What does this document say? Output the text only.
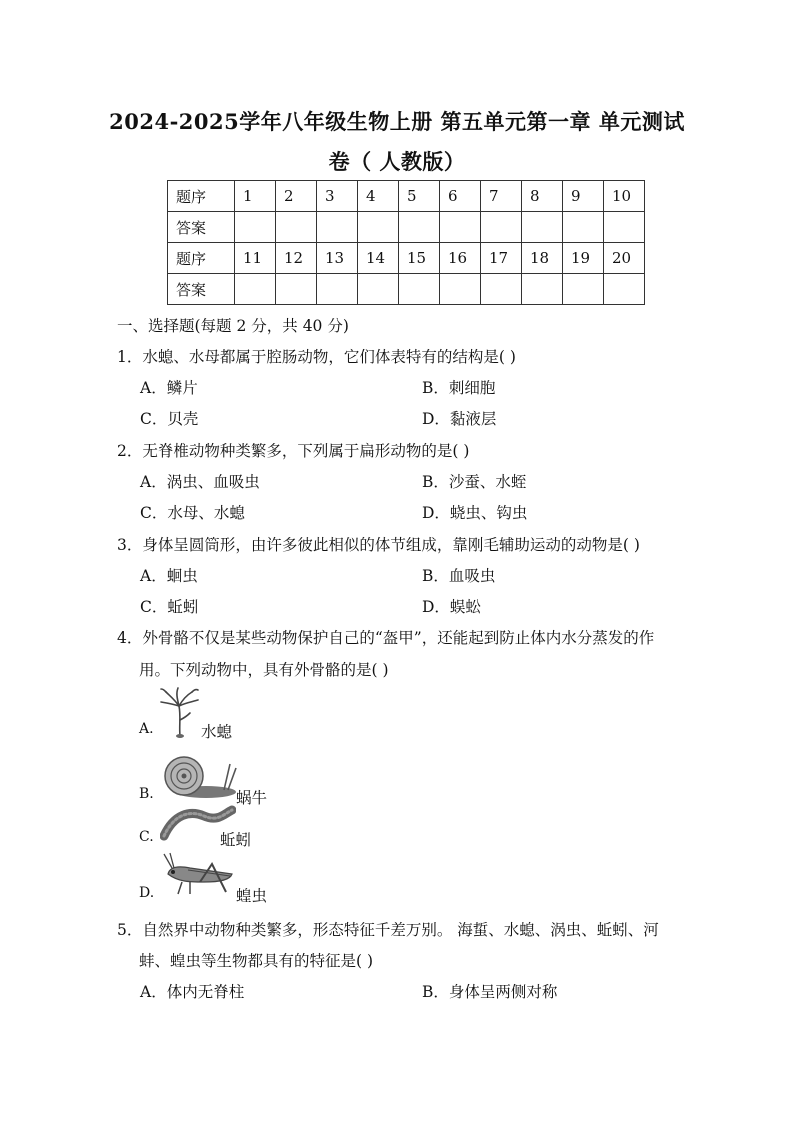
2024-2025学年八年级生物上册 第五单元第一章 单元测试
卷（ 人教版）
题序	1	2	3	4	5	6	7	8	9	10
答案										
题序	11	12	13	14	15	16	17	18	19	20
答案										
一、选择题(每题 2 分，共 40 分)
1．水螅、水母都属于腔肠动物，它们体表特有的结构是( )
A．鳞片	B．刺细胞
C．贝壳	D．黏液层
2．无脊椎动物种类繁多，下列属于扁形动物的是( )
A．涡虫、血吸虫	B．沙蚕、水蛭
C．水母、水螅	D．蛲虫、钩虫
3．身体呈圆筒形，由许多彼此相似的体节组成，靠刚毛辅助运动的动物是( )
A．蛔虫	B．血吸虫
C．蚯蚓	D．蜈蚣
4．外骨骼不仅是某些动物保护自己的“盔甲”，还能起到防止体内水分蒸发的作
用。下列动物中，具有外骨骼的是( )
A.	水螅
B.	蜗牛
C.	蚯蚓
D.	蝗虫
5．自然界中动物种类繁多，形态特征千差万别。 海蜇、水螅、涡虫、蚯蚓、河
蚌、蝗虫等生物都具有的特征是( )
A．体内无脊柱	B．身体呈两侧对称
